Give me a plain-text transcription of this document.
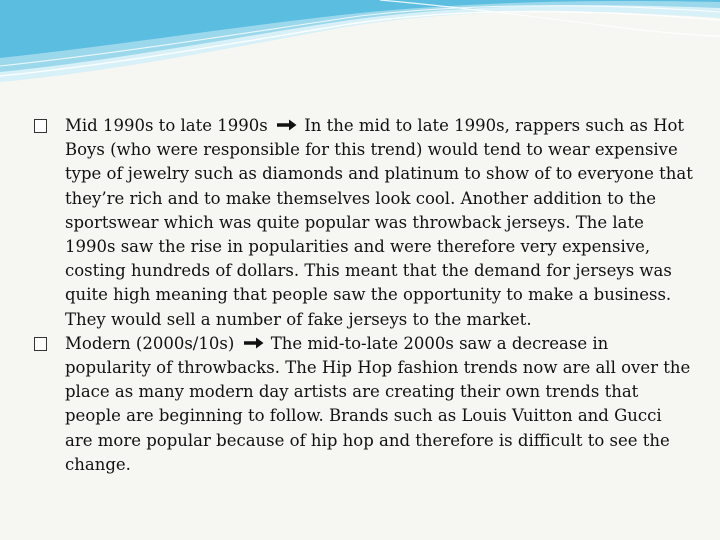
Mid 1990s to late 1990s In the mid to late 1990s, rappers such as Hot Boys (who were responsible for this trend) would tend to wear expensive type of jewelry such as diamonds and platinum to show of to everyone that they’re rich and to make themselves look cool. Another addition to the sportswear which was quite popular was throwback jerseys. The late 1990s saw the rise in popularities and were therefore very expensive, costing hundreds of dollars. This meant that the demand for jerseys was quite high meaning that people saw the opportunity to make a business. They would sell a number of fake jerseys to the market.

Modern (2000s/10s) The mid-to-late 2000s saw a decrease in popularity of throwbacks. The Hip Hop fashion trends now are all over the place as many modern day artists are creating their own trends that people are beginning to follow. Brands such as Louis Vuitton and Gucci are more popular because of hip hop and therefore is difficult to see the change.
